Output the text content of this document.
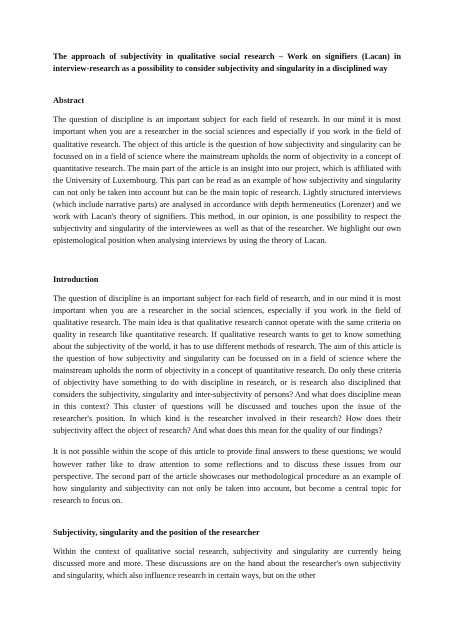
The approach of subjectivity in qualitative social research – Work on signifiers (Lacan) in interview-research as a possibility to consider subjectivity and singularity in a disciplined way

Abstract

The question of discipline is an important subject for each field of research. In our mind it is most important when you are a researcher in the social sciences and especially if you work in the field of qualitative research. The object of this article is the question of how subjectivity and singularity can be focussed on in a field of science where the mainstream upholds the norm of objectivity in a concept of quantitative research. The main part of the article is an insight into our project, which is affiliated with the University of Luxembourg. This part can be read as an example of how subjectivity and singularity can not only be taken into account but can be the main topic of research. Lightly structured interviews (which include narrative parts) are analysed in accordance with depth hermeneutics (Lorenzer) and we work with Lacan's theory of signifiers. This method, in our opinion, is one possibility to respect the subjectivity and singularity of the interviewees as well as that of the researcher. We highlight our own epistemological position when analysing interviews by using the theory of Lacan.

Introduction

The question of discipline is an important subject for each field of research, and in our mind it is most important when you are a researcher in the social sciences, especially if you work in the field of qualitative research. The main idea is that qualitative research cannot operate with the same criteria on quality in research like quantitative research. If qualitative research wants to get to know something about the subjectivity of the world, it has to use different methods of research. The aim of this article is the question of how subjectivity and singularity can be focussed on in a field of science where the mainstream upholds the norm of objectivity in a concept of quantitative research. Do only these criteria of objectivity have something to do with discipline in research, or is research also disciplined that considers the subjectivity, singularity and inter-subjectivity of persons? And what does discipline mean in this context? This cluster of questions will be discussed and touches upon the issue of the researcher's position. In which kind is the researcher involved in their research? How does their subjectivity affect the object of research? And what does this mean for the quality of our findings?

It is not possible within the scope of this article to provide final answers to these questions; we would however rather like to draw attention to some reflections and to discuss these issues from our perspective. The second part of the article showcases our methodological procedure as an example of how singularity and subjectivity can not only be taken into account, but become a central topic for research to focus on.

Subjectivity, singularity and the position of the researcher

Within the context of qualitative social research, subjectivity and singularity are currently being discussed more and more. These discussions are on the hand about the researcher's own subjectivity and singularity, which also influence research in certain ways, but on the other
